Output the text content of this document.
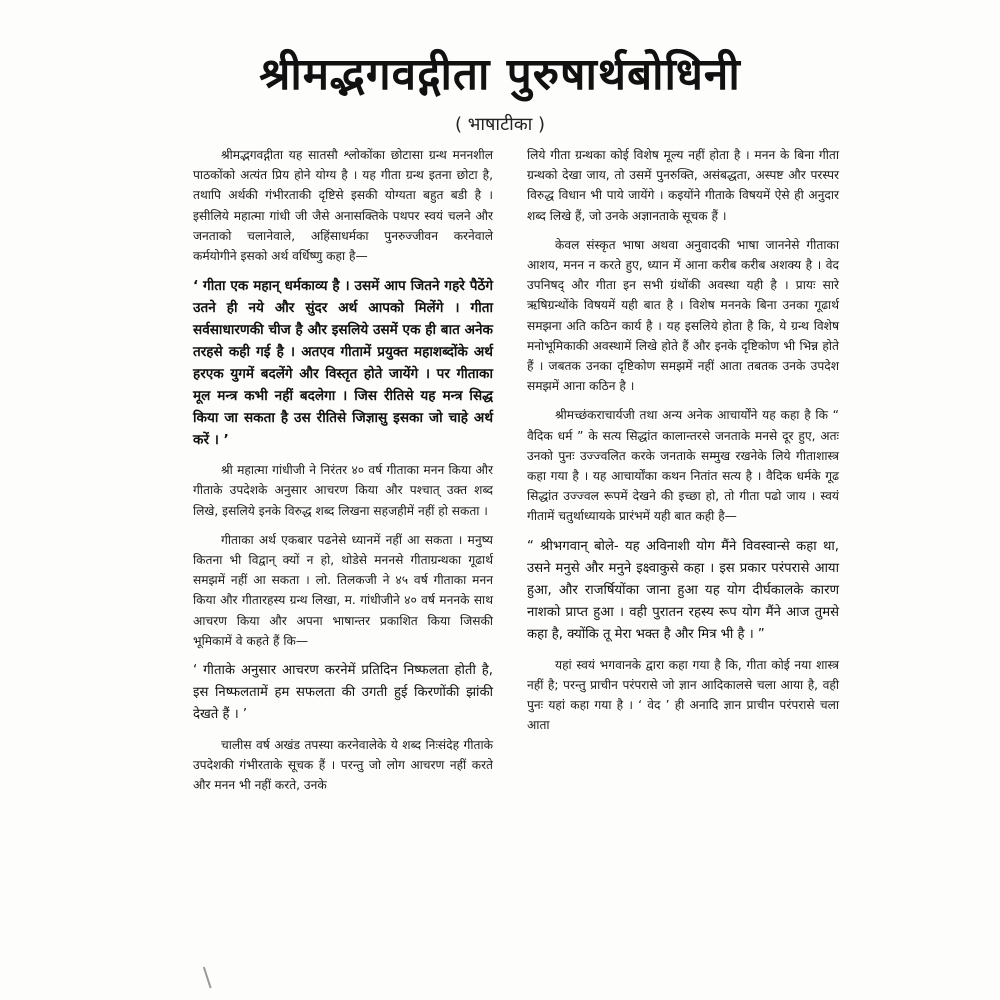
श्रीमद्भगवद्गीता पुरुषार्थबोधिनी
( भाषाटीका )

श्रीमद्भगवद्गीता यह सातसौ श्लोकोंका छोटासा ग्रन्थ मननशील पाठकोंको अत्यंत प्रिय होने योग्य है । यह गीता ग्रन्थ इतना छोटा है, तथापि अर्थकी गंभीरताकी दृष्टिसे इसकी योग्यता बहुत बडी है । इसीलिये महात्मा गांधी जी जैसे अनासक्तिके पथपर स्वयं चलने और जनताको चलानेवाले, अहिंसाधर्मका पुनरुज्जीवन करनेवाले कर्मयोगीने इसको अर्थ वर्धिष्णु कहा है—

‘ गीता एक महान् धर्मकाव्य है । उसमें आप जितने गहरे पैठेंगे उतने ही नये और सुंदर अर्थ आपको मिलेंगे । गीता सर्वसाधारणकी चीज है और इसलिये उसमें एक ही बात अनेक तरहसे कही गई है । अतएव गीतामें प्रयुक्त महाशब्दोंके अर्थ हरएक युगमें बदलेंगे और विस्तृत होते जायेंगे । पर गीताका मूल मन्त्र कभी नहीं बदलेगा । जिस रीतिसे यह मन्त्र सिद्ध किया जा सकता है उस रीतिसे जिज्ञासु इसका जो चाहे अर्थ करें । ’

श्री महात्मा गांधीजी ने निरंतर ४० वर्ष गीताका मनन किया और गीताके उपदेशके अनुसार आचरण किया और पश्चात् उक्त शब्द लिखे, इसलिये इनके विरुद्ध शब्द लिखना सहजहीमें नहीं हो सकता ।

गीताका अर्थ एकबार पढनेसे ध्यानमें नहीं आ सकता । मनुष्य कितना भी विद्वान् क्यों न हो, थोडेसे मननसे गीताग्रन्थका गूढार्थ समझमें नहीं आ सकता । लो. तिलकजी ने ४५ वर्ष गीताका मनन किया और गीतारहस्य ग्रन्थ लिखा, म. गांधीजीने ४० वर्ष मननके साथ आचरण किया और अपना भाषान्तर प्रकाशित किया जिसकी भूमिकामें वे कहते हैं कि—

‘ गीताके अनुसार आचरण करनेमें प्रतिदिन निष्फलता होती है, इस निष्फलतामें हम सफलता की उगती हुई किरणोंकी झांकी देखते हैं । ’

चालीस वर्ष अखंड तपस्या करनेवालेके ये शब्द निःसंदेह गीताके उपदेशकी गंभीरताके सूचक हैं । परन्तु जो लोग आचरण नहीं करते और मनन भी नहीं करते, उनके

लिये गीता ग्रन्थका कोई विशेष मूल्य नहीं होता है । मनन के बिना गीता ग्रन्थको देखा जाय, तो उसमें पुनरुक्ति, असंबद्धता, अस्पष्ट और परस्पर विरुद्ध विधान भी पाये जायेंगे । कइयोंने गीताके विषयमें ऐसे ही अनुदार शब्द लिखे हैं, जो उनके अज्ञानताके सूचक हैं ।

केवल संस्कृत भाषा अथवा अनुवादकी भाषा जाननेसे गीताका आशय, मनन न करते हुए, ध्यान में आना करीब करीब अशक्य है । वेद उपनिषद् और गीता इन सभी ग्रंथोंकी अवस्था यही है । प्रायः सारे ऋषिग्रन्थोंके विषयमें यही बात है । विशेष मननके बिना उनका गूढार्थ समझना अति कठिन कार्य है । यह इसलिये होता है कि, ये ग्रन्थ विशेष मनोभूमिकाकी अवस्थामें लिखे होते हैं और इनके दृष्टिकोण भी भिन्न होते हैं । जबतक उनका दृष्टिकोण समझमें नहीं आता तबतक उनके उपदेश समझमें आना कठिन है ।

श्रीमच्छंकराचार्यजी तथा अन्य अनेक आचार्योंने यह कहा है कि “ वैदिक धर्म ” के सत्य सिद्धांत कालान्तरसे जनताके मनसे दूर हुए, अतः उनको पुनः उज्ज्वलित करके जनताके सम्मुख रखनेके लिये गीताशास्त्र कहा गया है । यह आचार्योंका कथन नितांत सत्य है । वैदिक धर्मके गूढ सिद्धांत उज्ज्वल रूपमें देखने की इच्छा हो, तो गीता पढो जाय । स्वयं गीतामें चतुर्थाध्यायके प्रारंभमें यही बात कही है—

“ श्रीभगवान् बोले- यह अविनाशी योग मैंने विवस्वान्से कहा था, उसने मनुसे और मनुने इक्ष्वाकुसे कहा । इस प्रकार परंपरासे आया हुआ, और राजर्षियोंका जाना हुआ यह योग दीर्घकालके कारण नाशको प्राप्त हुआ । वही पुरातन रहस्य रूप योग मैंने आज तुमसे कहा है, क्योंकि तू मेरा भक्त है और मित्र भी है । ”

यहां स्वयं भगवानके द्वारा कहा गया है कि, गीता कोई नया शास्त्र नहीं है; परन्तु प्राचीन परंपरासे जो ज्ञान आदिकालसे चला आया है, वही पुनः यहां कहा गया है । ‘ वेद ’ ही अनादि ज्ञान प्राचीन परंपरासे चला आता
